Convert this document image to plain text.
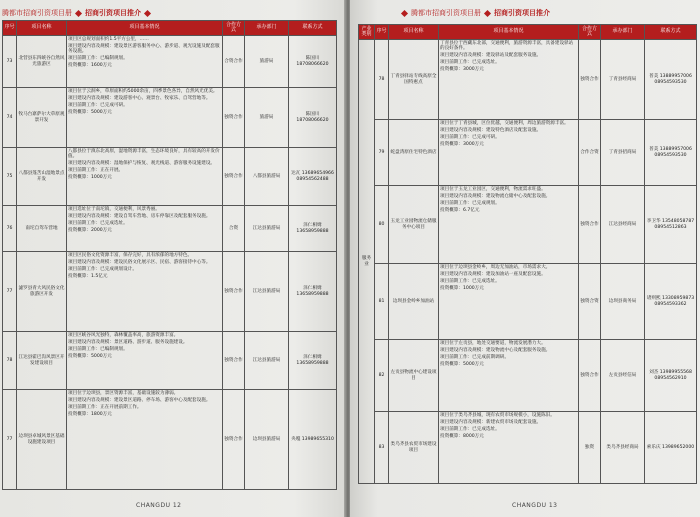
腾都市招商引资项目册 招商引资项目推介
序号	项目名称	项目基本情况	合作方式	承办部门	联系方式
73	北营县东四峡谷自然风光旅游区	项目区总规划面积约1.5平方公里，……

项目建设内容及规模：建设景区游客服务中心、游步道、观光设施及配套服务设施。

项目前期工作：已编制规划。

投资概算：1600万元	合资合作	旅游局	陈国川 18708066620
74	牧马台寨萨尔大草原观景开发	项目位于云洞乡，草原面积约5000余亩，四季景色各异，自然风光优美。

项目建设内容及规模：建设游客中心、观景台、牧家乐、自驾营地等。

项目前期工作：已完成可研。

投资概算：5000万元	独资合作	旅游局	陈国川 18708066620
75	八都县蓬苦山湿地景点开发	八都县位于滇东北高原，湿地资源丰富，生态环境良好，具有较高的开发价值。

项目建设内容及规模：湿地保护与恢复、观光栈道、游客服务设施建设。

项目前期工作：正在开展。

投资概算：1000万元	独资合作	八都县旅游局	达瓦 13689654966 08954562488
76	南坨自驾车营地	项目选址位于南坨镇，交通便利，风景秀丽。

项目建设内容及规模：建设自驾车营地、房车停靠区及配套服务设施。

项目前期工作：已完成选址。

投资概算：2000万元	合资	江达县旅游局	泽仁相姆 13658959888
77	滤罗县青大风民俗文化旅游区开发	项目区民俗文化资源丰富，保存完好，具有浓郁的地方特色。

项目建设内容及规模：建设民俗文化展示区、民宿、游客接待中心等。

项目前期工作：已完成规划设计。

投资概算：1.5亿元	独资合作	江达县旅游局	泽仁相姆 13658959888
78	江达县霍巴沟风景区开发建设项目	项目区峡谷风光独特，森林覆盖率高，旅游资源丰富。

项目建设内容及规模：景区道路、游步道、服务设施建设。

项目前期工作：已编制规划。

投资概算：5000万元	独资合作	江达县旅游局	泽仁相姆 13658959888
77	边坝县卓城风景区基础设施建设项目	项目位于边坝县，景区资源丰富，基础设施较为薄弱。

项目建设内容及规模：建设景区道路、停车场、游客中心及配套设施。

项目前期工作：正在开展前期工作。

投资概算：1800万元	独资合作	边坝县旅游局	央嘎 13989655310
CHANGDU 12
腾都市招商引资项目册 招商引资项目推介
产业类别	序号	项目名称	项目基本情况	合作方式	承办部门	联系方式
服务业	78	丁青县驿站专线高原全国特惠点	丁青县位于西藏东北部，交通便利，旅游资源丰富，具备建设驿站的良好条件。

项目建设内容及规模：建设驿站及配套服务设施。

项目前期工作：已完成选址。

投资概算：3000万元	独资合作	丁青县经商局	普美 13889957006 08954593530
	79	蛇盘湾原住宅特色酒店	项目位于丁青县城，区位优越，交通便利，周边旅游资源丰富。

项目建设内容及规模：建设特色酒店及配套设施。

项目前期工作：已完成可研。

投资概算：3000万元	合作合资	丁青县招商局	普美 13889957006 08954593530
	80	玉龙工业园物流仓储服务中心项目	项目位于玉龙工业园区，交通便利，物流需求旺盛。

项目建设内容及规模：建设物流仓储中心及配套设施。

项目前期工作：已完成规划。

投资概算：6.7亿元	独资合作	江达县经商局	李卫华 13548058787 08954512863
	81	边坝县金岭乡加油站	项目位于边坝县金岭乡，周边无加油站，市场需求大。

项目建设内容及规模：建设加油站一座及配套设施。

项目前期工作：已完成选址。

投资概算：1000万元	独资合资	边坝县商务局	诸则熙 13308959873 08954593362
	82	左贡县物流中心建设项目	项目位于左贡县，地处交通要道，物流发展潜力大。

项目建设内容及规模：建设物流中心及配套服务设施。

项目前期工作：已完成前期调研。

投资概算：5000万元	独资合作	左贡县经信局	刘杰 13989955568 08954562910
	83	类乌齐县农贸市场建设项目	项目位于类乌齐县城，现有农贸市场规模小，设施陈旧。

项目建设内容及规模：新建农贸市场及配套设施。

项目前期工作：已完成选址。

投资概算：8000万元	独资	类乌齐县经商局	索乐庆 13989652000
CHANGDU 13
